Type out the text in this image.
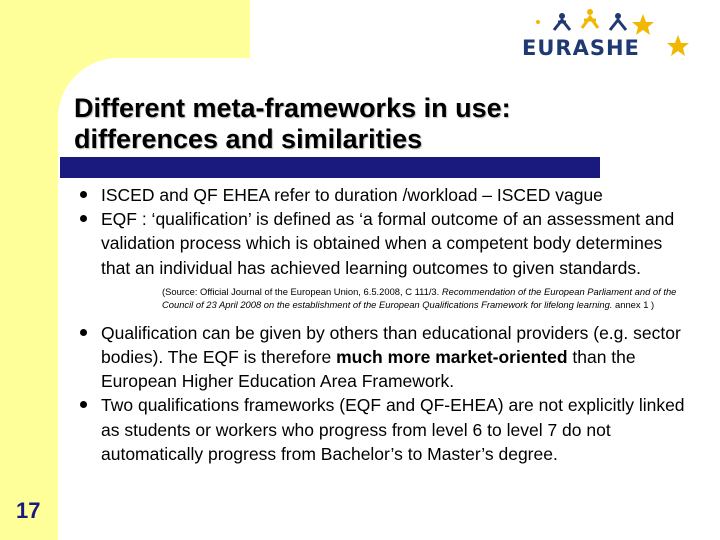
EURASHE
Different meta-frameworks in use:
differences and similarities
ISCED and QF EHEA refer to duration /workload – ISCED vague
EQF : ‘qualification’ is defined as ‘a formal outcome of an assessment and validation process which is obtained when a competent body determines that an individual has achieved learning outcomes to given standards.
(Source: Official Journal of the European Union, 6.5.2008, C 111/3. Recommendation of the European Parliament and of the Council of 23 April 2008 on the establishment of the European Qualifications Framework for lifelong learning. annex 1 )
Qualification can be given by others than educational providers (e.g. sector bodies). The EQF is therefore much more market-oriented than the European Higher Education Area Framework.
Two qualifications frameworks (EQF and QF-EHEA) are not explicitly linked as students or workers who progress from level 6 to level 7 do not automatically progress from Bachelor’s to Master’s degree.
17
